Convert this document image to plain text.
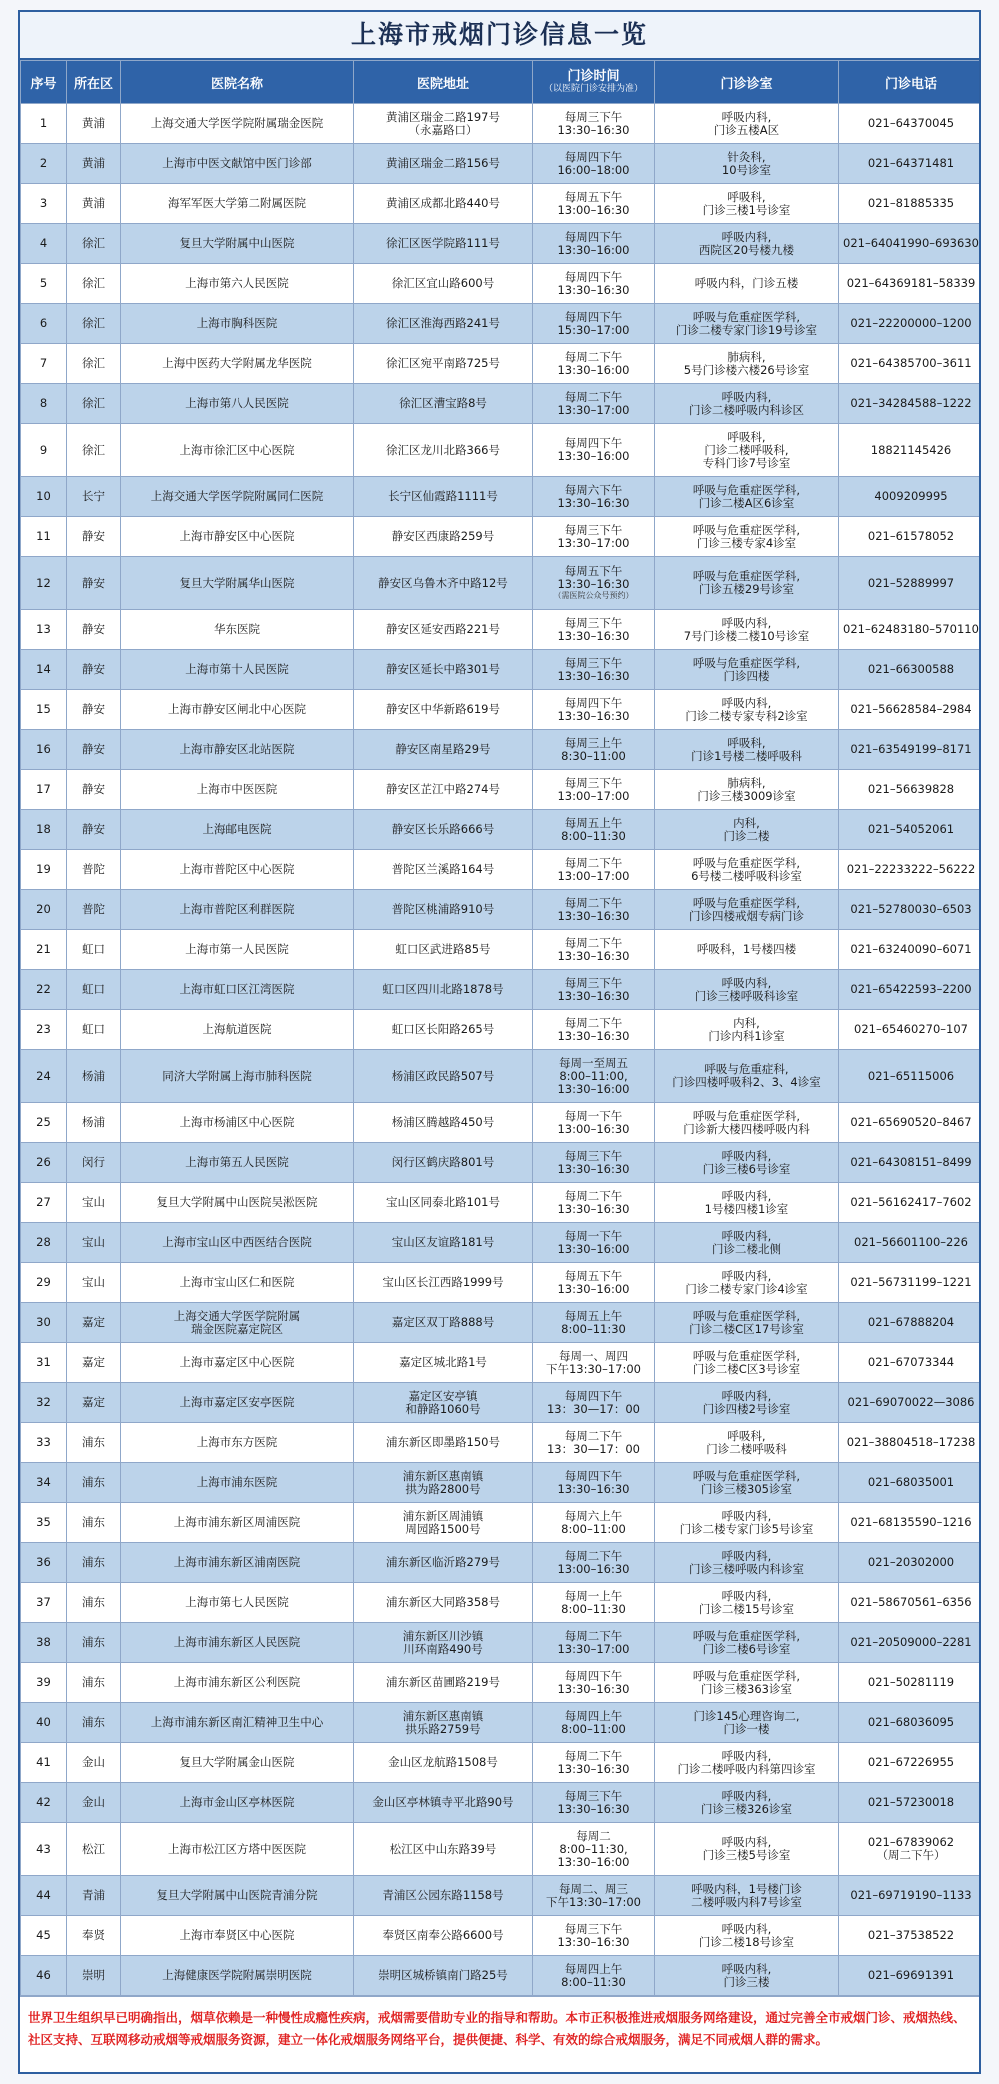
上海市戒烟门诊信息一览
序号	所在区	医院名称	医院地址	门诊时间
（以医院门诊安排为准）	门诊诊室	门诊电话
1	黄浦	上海交通大学医学院附属瑞金医院	黄浦区瑞金二路197号
（永嘉路口）	每周三下午
13:30–16:30	呼吸内科,
门诊五楼A区	021–64370045

2	黄浦	上海市中医文献馆中医门诊部	黄浦区瑞金二路156号	每周四下午
16:00–18:00	针灸科,
10号诊室	021–64371481

3	黄浦	海军军医大学第二附属医院	黄浦区成都北路440号	每周五下午
13:00–16:30	呼吸科,
门诊三楼1号诊室	021–81885335

4	徐汇	复旦大学附属中山医院	徐汇区医学院路111号	每周四下午
13:30–16:00	呼吸内科,
西院区20号楼九楼	021–64041990–693630

5	徐汇	上海市第六人民医院	徐汇区宜山路600号	每周四下午
13:30–16:30	呼吸内科，门诊五楼	021–64369181–58339

6	徐汇	上海市胸科医院	徐汇区淮海西路241号	每周四下午
15:30–17:00	呼吸与危重症医学科,
门诊二楼专家门诊19号诊室	021–22200000–1200

7	徐汇	上海中医药大学附属龙华医院	徐汇区宛平南路725号	每周二下午
13:30–16:00	肺病科,
5号门诊楼六楼26号诊室	021–64385700–3611

8	徐汇	上海市第八人民医院	徐汇区漕宝路8号	每周二下午
13:30–17:00	呼吸内科,
门诊二楼呼吸内科诊区	021–34284588–1222

9	徐汇	上海市徐汇区中心医院	徐汇区龙川北路366号	每周四下午
13:30–16:00	呼吸科,
门诊二楼呼吸科,
专科门诊7号诊室	18821145426

10	长宁	上海交通大学医学院附属同仁医院	长宁区仙霞路1111号	每周六下午
13:30–16:30	呼吸与危重症医学科,
门诊二楼A区6诊室	4009209995

11	静安	上海市静安区中心医院	静安区西康路259号	每周三下午
13:30–17:00	呼吸与危重症医学科,
门诊三楼专家4诊室	021–61578052

12	静安	复旦大学附属华山医院	静安区乌鲁木齐中路12号	每周五下午
13:30–16:30
（需医院公众号预约）	呼吸与危重症医学科,
门诊五楼29号诊室	021–52889997

13	静安	华东医院	静安区延安西路221号	每周三下午
13:30–16:30	呼吸内科,
7号门诊楼二楼10号诊室	021–62483180–570110

14	静安	上海市第十人民医院	静安区延长中路301号	每周三下午
13:30–16:30	呼吸与危重症医学科,
门诊四楼	021–66300588

15	静安	上海市静安区闸北中心医院	静安区中华新路619号	每周四下午
13:30–16:30	呼吸内科,
门诊二楼专家专科2诊室	021–56628584–2984

16	静安	上海市静安区北站医院	静安区南星路29号	每周三上午
8:30–11:00	呼吸科,
门诊1号楼二楼呼吸科	021–63549199–8171

17	静安	上海市中医医院	静安区芷江中路274号	每周三下午
13:00–17:00	肺病科,
门诊三楼3009诊室	021–56639828

18	静安	上海邮电医院	静安区长乐路666号	每周五上午
8:00–11:30	内科,
门诊二楼	021–54052061

19	普陀	上海市普陀区中心医院	普陀区兰溪路164号	每周二下午
13:00–17:00	呼吸与危重症医学科,
6号楼二楼呼吸科诊室	021–22233222–56222

20	普陀	上海市普陀区利群医院	普陀区桃浦路910号	每周二下午
13:30–16:30	呼吸与危重症医学科,
门诊四楼戒烟专病门诊	021–52780030–6503

21	虹口	上海市第一人民医院	虹口区武进路85号	每周二下午
13:30–16:30	呼吸科，1号楼四楼	021–63240090–6071

22	虹口	上海市虹口区江湾医院	虹口区四川北路1878号	每周三下午
13:30–16:30	呼吸内科,
门诊三楼呼吸科诊室	021–65422593–2200

23	虹口	上海航道医院	虹口区长阳路265号	每周二下午
13:30–16:30	内科,
门诊内科1诊室	021–65460270–107

24	杨浦	同济大学附属上海市肺科医院	杨浦区政民路507号	每周一至周五
8:00–11:00,
13:30–16:00	呼吸与危重症科,
门诊四楼呼吸科2、3、4诊室	021–65115006

25	杨浦	上海市杨浦区中心医院	杨浦区腾越路450号	每周一下午
13:00–16:30	呼吸与危重症医学科,
门诊新大楼四楼呼吸内科	021–65690520–8467

26	闵行	上海市第五人民医院	闵行区鹤庆路801号	每周三下午
13:30–16:30	呼吸内科,
门诊三楼6号诊室	021–64308151–8499

27	宝山	复旦大学附属中山医院吴淞医院	宝山区同泰北路101号	每周二下午
13:30–16:30	呼吸内科,
1号楼四楼1诊室	021–56162417–7602

28	宝山	上海市宝山区中西医结合医院	宝山区友谊路181号	每周一下午
13:30–16:00	呼吸内科,
门诊二楼北侧	021–56601100–226

29	宝山	上海市宝山区仁和医院	宝山区长江西路1999号	每周五下午
13:30–16:00	呼吸内科,
门诊二楼专家门诊4诊室	021–56731199–1221

30	嘉定	上海交通大学医学院附属
瑞金医院嘉定院区	嘉定区双丁路888号	每周五上午
8:00–11:30	呼吸与危重症医学科,
门诊二楼C区17号诊室	021–67888204

31	嘉定	上海市嘉定区中心医院	嘉定区城北路1号	每周一、周四
下午13:30–17:00	呼吸与危重症医学科,
门诊二楼C区3号诊室	021–67073344

32	嘉定	上海市嘉定区安亭医院	嘉定区安亭镇
和静路1060号	每周四下午
13：30—17：00	呼吸内科,
门诊四楼2号诊室	021–69070022—3086

33	浦东	上海市东方医院	浦东新区即墨路150号	每周二下午
13：30—17：00	呼吸科,
门诊二楼呼吸科	021–38804518–17238

34	浦东	上海市浦东医院	浦东新区惠南镇
拱为路2800号	每周四下午
13:30–16:30	呼吸与危重症医学科,
门诊三楼305诊室	021–68035001

35	浦东	上海市浦东新区周浦医院	浦东新区周浦镇
周园路1500号	每周六上午
8:00–11:00	呼吸内科,
门诊二楼专家门诊5号诊室	021–68135590–1216

36	浦东	上海市浦东新区浦南医院	浦东新区临沂路279号	每周二下午
13:00–16:30	呼吸内科,
门诊三楼呼吸内科诊室	021–20302000

37	浦东	上海市第七人民医院	浦东新区大同路358号	每周一上午
8:00–11:30	呼吸内科,
门诊二楼15号诊室	021–58670561–6356

38	浦东	上海市浦东新区人民医院	浦东新区川沙镇
川环南路490号	每周二下午
13:30–17:00	呼吸与危重症医学科,
门诊二楼6号诊室	021–20509000–2281

39	浦东	上海市浦东新区公利医院	浦东新区苗圃路219号	每周四下午
13:30–16:30	呼吸与危重症医学科,
门诊三楼363诊室	021–50281119

40	浦东	上海市浦东新区南汇精神卫生中心	浦东新区惠南镇
拱乐路2759号	每周四上午
8:00–11:00	门诊145心理咨询二,
门诊一楼	021–68036095

41	金山	复旦大学附属金山医院	金山区龙航路1508号	每周二下午
13:30–16:30	呼吸内科,
门诊二楼呼吸内科第四诊室	021–67226955

42	金山	上海市金山区亭林医院	金山区亭林镇寺平北路90号	每周三下午
13:30–16:30	呼吸内科,
门诊三楼326诊室	021–57230018

43	松江	上海市松江区方塔中医医院	松江区中山东路39号	每周二
8:00–11:30,
13:30–16:00	呼吸内科,
门诊三楼5号诊室	021–67839062
（周二下午）

44	青浦	复旦大学附属中山医院青浦分院	青浦区公园东路1158号	每周二、周三
下午13:30–17:00	呼吸内科，1号楼门诊
二楼呼吸内科7号诊室	021–69719190–1133

45	奉贤	上海市奉贤区中心医院	奉贤区南奉公路6600号	每周三下午
13:30–16:30	呼吸内科,
门诊二楼18号诊室	021–37538522

46	崇明	上海健康医学院附属崇明医院	崇明区城桥镇南门路25号	每周四上午
8:00–11:30	呼吸内科,
门诊三楼	021–69691391
世界卫生组织早已明确指出，烟草依赖是一种慢性成瘾性疾病，戒烟需要借助专业的指导和帮助。本市正积极推进戒烟服务网络建设，通过完善全市戒烟门诊、戒烟热线、社区支持、互联网移动戒烟等戒烟服务资源，建立一体化戒烟服务网络平台，提供便捷、科学、有效的综合戒烟服务，满足不同戒烟人群的需求。
